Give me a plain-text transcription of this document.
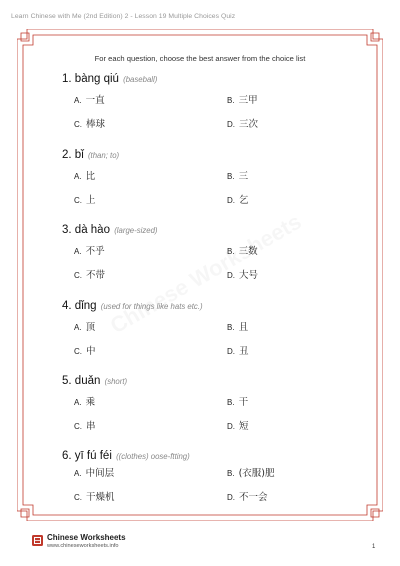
Learn Chinese with Me (2nd Edition) 2 - Lesson 19 Multiple Choices Quiz
For each question, choose the best answer from the choice list
1. bàng qiú (baseball)
A. 一直	B. 三甲
C. 棒球	D. 三次
2. bǐ (than; to)
A. 比	B. 三
C. 上	D. 乞
3. dà hào (large-sized)
A. 不乎	B. 三数
C. 不带	D. 大号
4. dǐng (used for things like hats etc.)
A. 顶	B. 且
C. 中	D. 丑
5. duǎn (short)
A. 乘	B. 干
C. 串	D. 短
6. yī fú féi ((clothes) oose-ftting)
A. 中间层	B. (衣服)肥
C. 干燥机	D. 不一会
Chinese Worksheets
www.chineseworksheets.info	1
